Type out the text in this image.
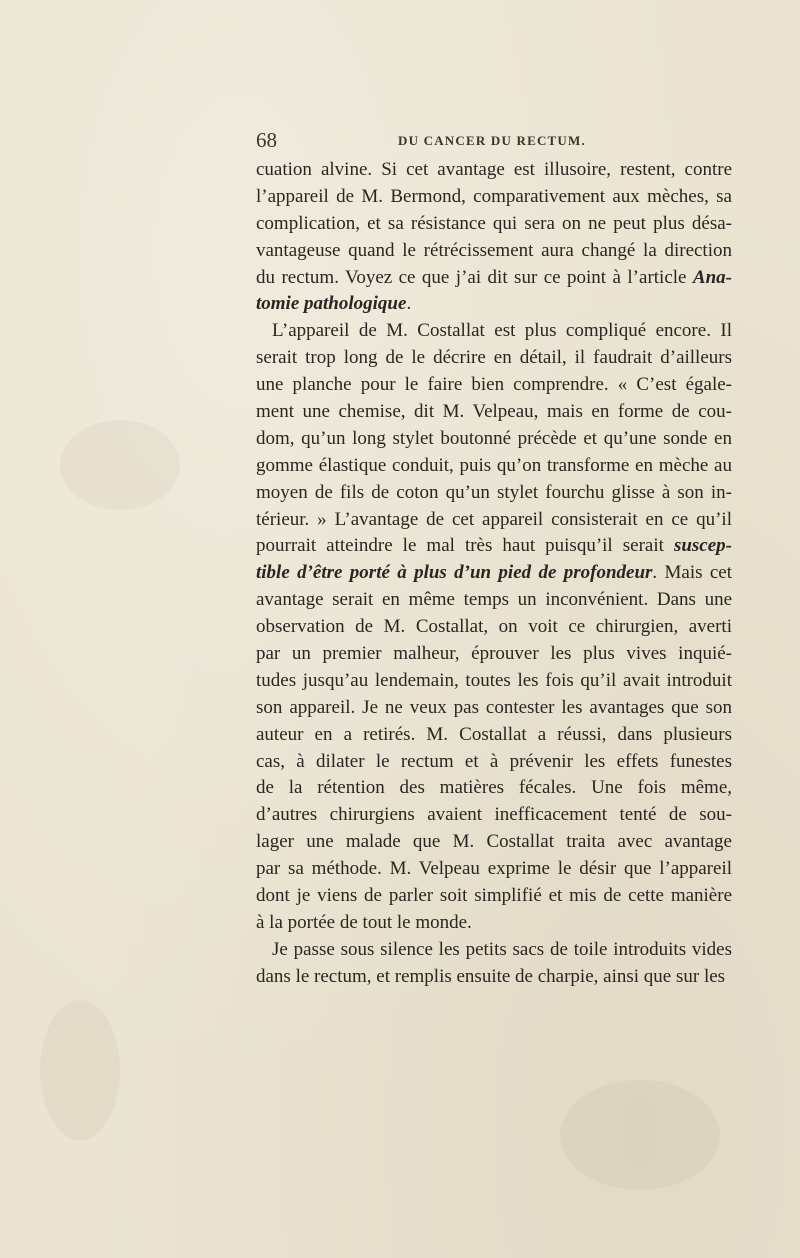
68	DU CANCER DU RECTUM.
cuation alvine. Si cet avantage est illusoire, restent, contre
l’appareil de M. Bermond, comparativement aux mèches, sa
complication, et sa résistance qui sera on ne peut plus désa-
vantageuse quand le rétrécissement aura changé la direction
du rectum. Voyez ce que j’ai dit sur ce point à l’article Ana-
tomie pathologique.
L’appareil de M. Costallat est plus compliqué encore. Il
serait trop long de le décrire en détail, il faudrait d’ailleurs
une planche pour le faire bien comprendre. « C’est égale-
ment une chemise, dit M. Velpeau, mais en forme de cou-
dom, qu’un long stylet boutonné précède et qu’une sonde en
gomme élastique conduit, puis qu’on transforme en mèche au
moyen de fils de coton qu’un stylet fourchu glisse à son in-
térieur. » L’avantage de cet appareil consisterait en ce qu’il
pourrait atteindre le mal très haut puisqu’il serait suscep-
tible d’être porté à plus d’un pied de profondeur. Mais cet
avantage serait en même temps un inconvénient. Dans une
observation de M. Costallat, on voit ce chirurgien, averti
par un premier malheur, éprouver les plus vives inquié-
tudes jusqu’au lendemain, toutes les fois qu’il avait introduit
son appareil. Je ne veux pas contester les avantages que son
auteur en a retirés. M. Costallat a réussi, dans plusieurs
cas, à dilater le rectum et à prévenir les effets funestes
de la rétention des matières fécales. Une fois même,
d’autres chirurgiens avaient inefficacement tenté de sou-
lager une malade que M. Costallat traita avec avantage
par sa méthode. M. Velpeau exprime le désir que l’appareil
dont je viens de parler soit simplifié et mis de cette manière
à la portée de tout le monde.
Je passe sous silence les petits sacs de toile introduits vides
dans le rectum, et remplis ensuite de charpie, ainsi que sur les
